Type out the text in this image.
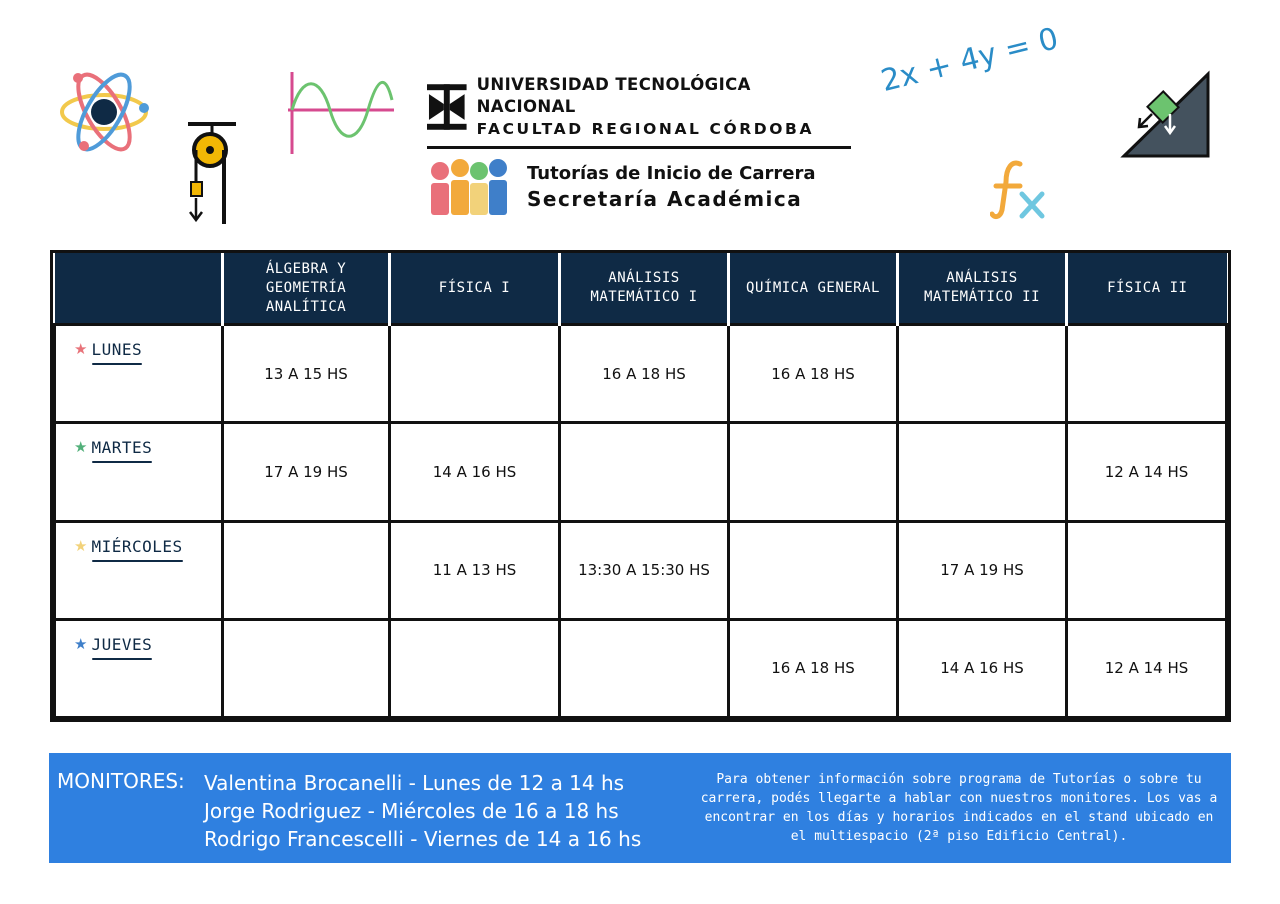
2x + 4y = 0
UNIVERSIDAD TECNOLÓGICA NACIONAL
FACULTAD REGIONAL CÓRDOBA
Tutorías de Inicio de Carrera
Secretaría Académica
	ÁLGEBRA Y GEOMETRÍA ANALÍTICA	FÍSICA I	ANÁLISIS MATEMÁTICO I	QUÍMICA GENERAL	ANÁLISIS MATEMÁTICO II	FÍSICA II

★ LUNES	13 A 15 HS		16 A 18 HS	16 A 18 HS		

★ MARTES	17 A 19 HS	14 A 16 HS				12 A 14 HS

★ MIÉRCOLES		11 A 13 HS	13:30 A 15:30 HS		17 A 19 HS	

★ JUEVES				16 A 18 HS	14 A 16 HS	12 A 14 HS
MONITORES: Valentina Brocanelli - Lunes de 12 a 14 hs
Jorge Rodriguez - Miércoles de 16 a 18 hs
Rodrigo Francescelli - Viernes de 14 a 16 hs
Para obtener información sobre programa de Tutorías o sobre tu carrera, podés llegarte a hablar con nuestros monitores. Los vas a encontrar en los días y horarios indicados en el stand ubicado en el multiespacio (2ª piso Edificio Central).
